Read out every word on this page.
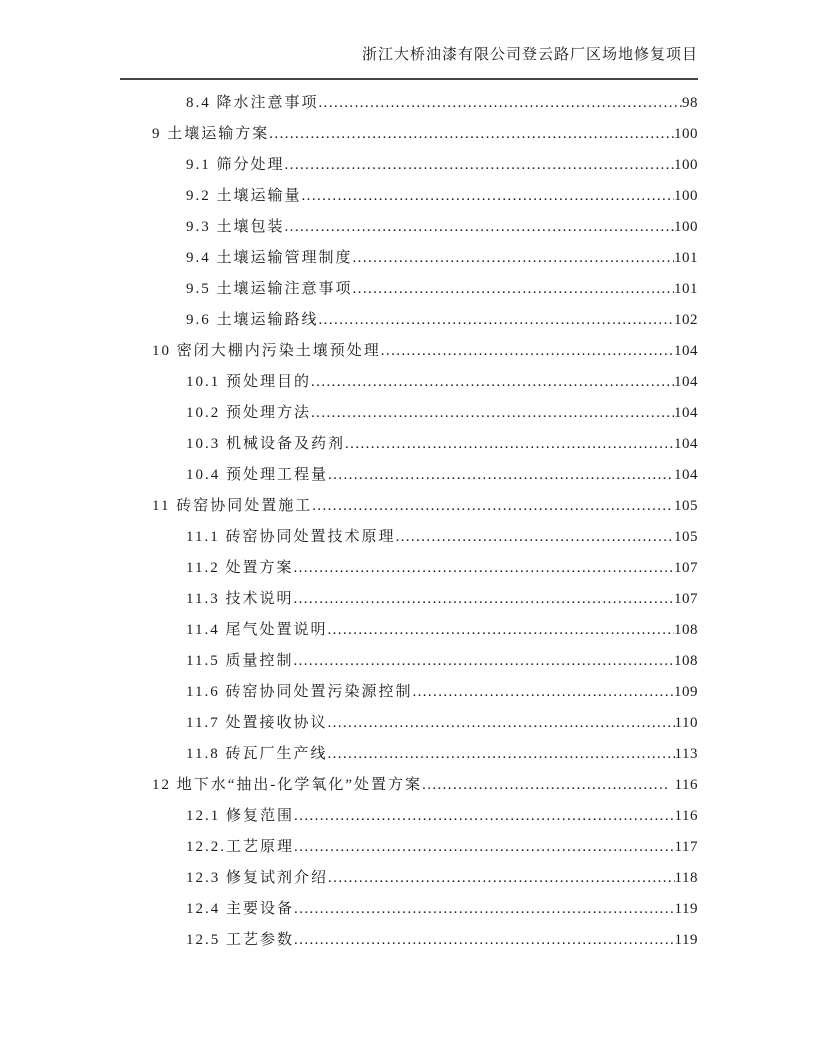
浙江大桥油漆有限公司登云路厂区场地修复项目
8.4 降水注意事项 .....	98
9 土壤运输方案 .....	100
9.1 筛分处理 .....	100
9.2 土壤运输量 .....	100
9.3 土壤包装 .....	100
9.4 土壤运输管理制度 .....	101
9.5 土壤运输注意事项 .....	101
9.6 土壤运输路线 .....	102
10 密闭大棚内污染土壤预处理 .....	104
10.1 预处理目的 .....	104
10.2 预处理方法 .....	104
10.3 机械设备及药剂 .....	104
10.4 预处理工程量 .....	104
11 砖窑协同处置施工 .....	105
11.1 砖窑协同处置技术原理 .....	105
11.2 处置方案 .....	107
11.3 技术说明 .....	107
11.4 尾气处置说明 .....	108
11.5 质量控制 .....	108
11.6 砖窑协同处置污染源控制 .....	109
11.7 处置接收协议 .....	110
11.8 砖瓦厂生产线 .....	113
12 地下水“抽出-化学氧化”处置方案 .....	116
12.1 修复范围 .....	116
12.2.工艺原理 .....	117
12.3 修复试剂介绍 .....	118
12.4 主要设备 .....	119
12.5 工艺参数 .....	119
